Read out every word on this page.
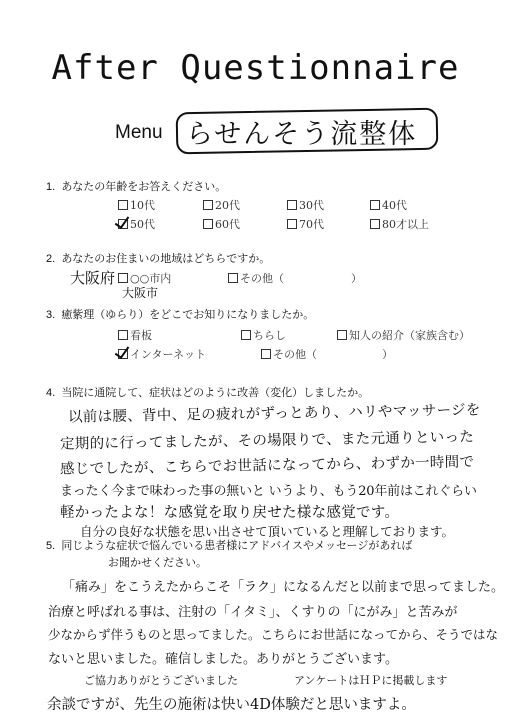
After Questionnaire
Menu らせんそう流整体
1. あなたの年齢をお答えください。
10代	20代	30代	40代
50代	60代	70代	80才以上
2. あなたのお住まいの地域はどちらですか。
大阪府	○○市内
大阪市
その他（	）
3. 癒紫理（ゆらり）をどこでお知りになりましたか。
看板	ちらし	知人の紹介（家族含む）
インターネット	その他（	）
4. 当院に通院して、症状はどのように改善（変化）しましたか。
以前は腰、背中、足の疲れがずっとあり、ハリやマッサージを
定期的に行ってましたが、その場限りで、また元通りといった
感じでしたが、こちらでお世話になってから、わずか一時間で
まったく今まで味わった事の無いと いうより、もう20年前はこれぐらい
軽かったよな！な感覚を取り戻せた様な感覚です。
自分の良好な状態を思い出させて頂いていると理解しております。
5. 同じような症状で悩んでいる患者様にアドバイスやメッセージがあれば
お聞かせください。
「痛み」をこうえたからこそ「ラク」になるんだと以前まで思ってました。
治療と呼ばれる事は、注射の「イタミ」、くすりの「にがみ」と苦みが
少なからず伴うものと思ってました。こちらにお世話になってから、そうではな
ないと思いました。確信しました。ありがとうございます。
ご協力ありがとうございました	アンケートはＨＰに掲載します
余談ですが、先生の施術は快い4D体験だと思いますよ。
